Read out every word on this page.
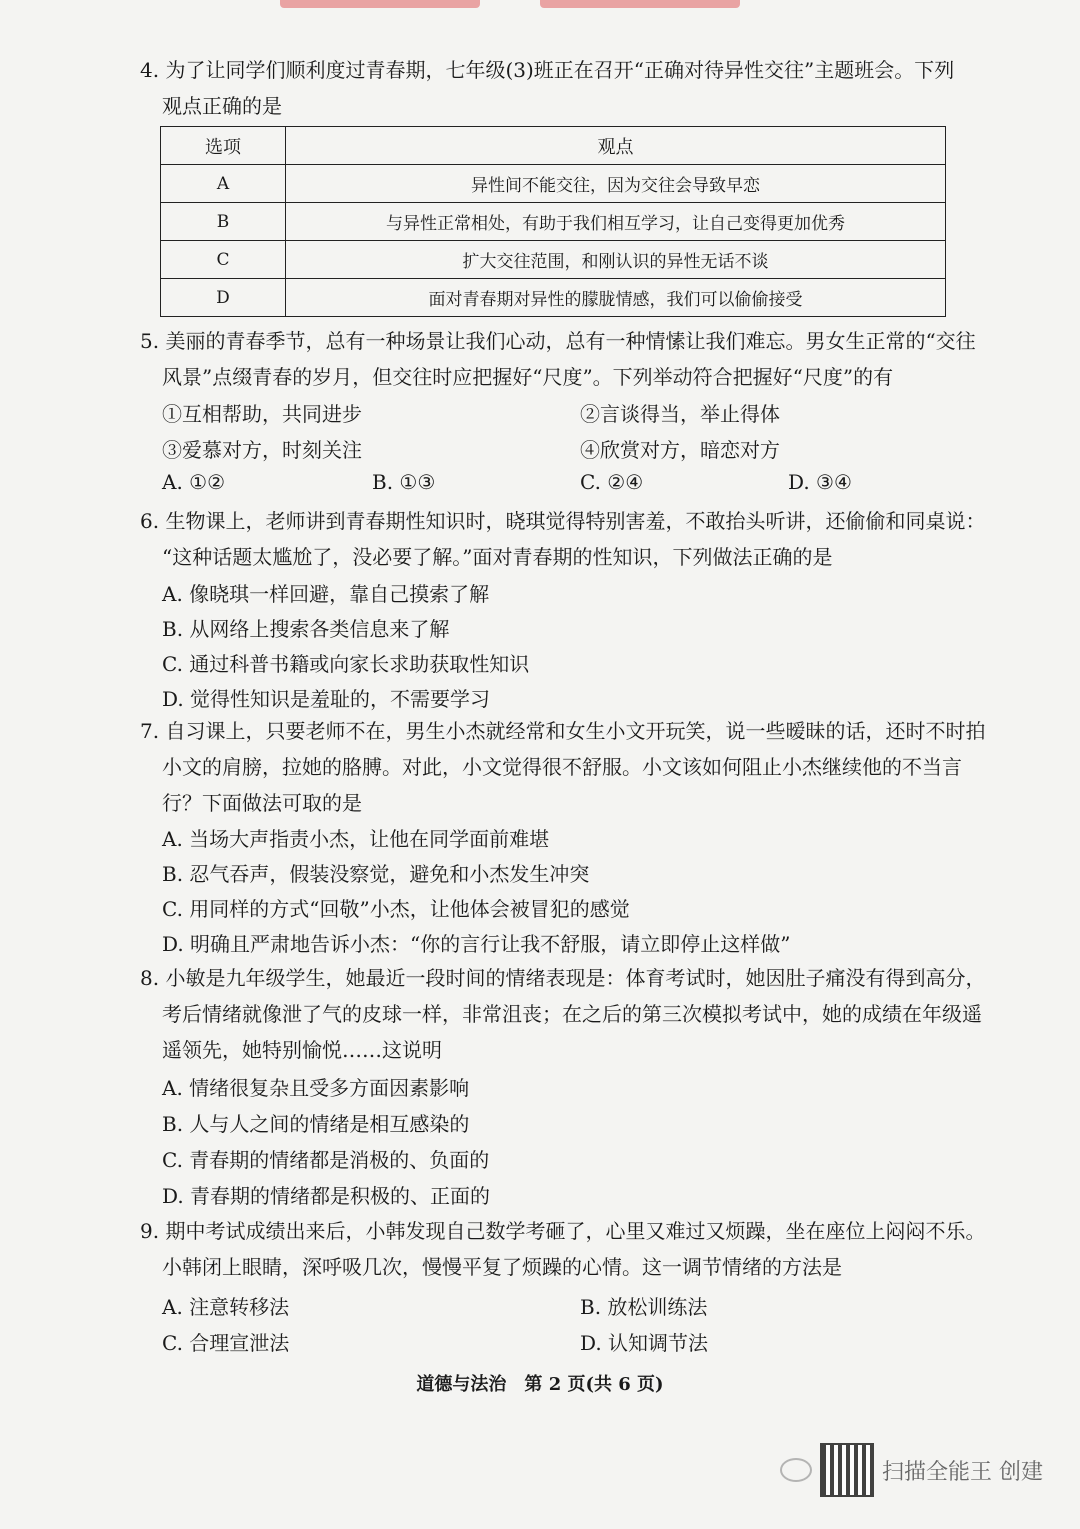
4. 为了让同学们顺利度过青春期，七年级(3)班正在召开“正确对待异性交往”主题班会。下列
观点正确的是
选项	观点
A	异性间不能交往，因为交往会导致早恋
B	与异性正常相处，有助于我们相互学习，让自己变得更加优秀
C	扩大交往范围，和刚认识的异性无话不谈
D	面对青春期对异性的朦胧情感，我们可以偷偷接受
5. 美丽的青春季节，总有一种场景让我们心动，总有一种情愫让我们难忘。男女生正常的“交往
风景”点缀青春的岁月，但交往时应把握好“尺度”。下列举动符合把握好“尺度”的有
①互相帮助，共同进步	②言谈得当，举止得体
③爱慕对方，时刻关注	④欣赏对方，暗恋对方
A. ①②	B. ①③	C. ②④	D. ③④
6. 生物课上，老师讲到青春期性知识时，晓琪觉得特别害羞，不敢抬头听讲，还偷偷和同桌说：
“这种话题太尴尬了，没必要了解。”面对青春期的性知识，下列做法正确的是
A. 像晓琪一样回避，靠自己摸索了解
B. 从网络上搜索各类信息来了解
C. 通过科普书籍或向家长求助获取性知识
D. 觉得性知识是羞耻的，不需要学习
7. 自习课上，只要老师不在，男生小杰就经常和女生小文开玩笑，说一些暧昧的话，还时不时拍
小文的肩膀，拉她的胳膊。对此，小文觉得很不舒服。小文该如何阻止小杰继续他的不当言
行？下面做法可取的是
A. 当场大声指责小杰，让他在同学面前难堪
B. 忍气吞声，假装没察觉，避免和小杰发生冲突
C. 用同样的方式“回敬”小杰，让他体会被冒犯的感觉
D. 明确且严肃地告诉小杰：“你的言行让我不舒服，请立即停止这样做”
8. 小敏是九年级学生，她最近一段时间的情绪表现是：体育考试时，她因肚子痛没有得到高分，
考后情绪就像泄了气的皮球一样，非常沮丧；在之后的第三次模拟考试中，她的成绩在年级遥
遥领先，她特别愉悦……这说明
A. 情绪很复杂且受多方面因素影响
B. 人与人之间的情绪是相互感染的
C. 青春期的情绪都是消极的、负面的
D. 青春期的情绪都是积极的、正面的
9. 期中考试成绩出来后，小韩发现自己数学考砸了，心里又难过又烦躁，坐在座位上闷闷不乐。
小韩闭上眼睛，深呼吸几次，慢慢平复了烦躁的心情。这一调节情绪的方法是
A. 注意转移法	B. 放松训练法
C. 合理宣泄法	D. 认知调节法
道德与法治　第 2 页(共 6 页)
扫描全能王 创建
